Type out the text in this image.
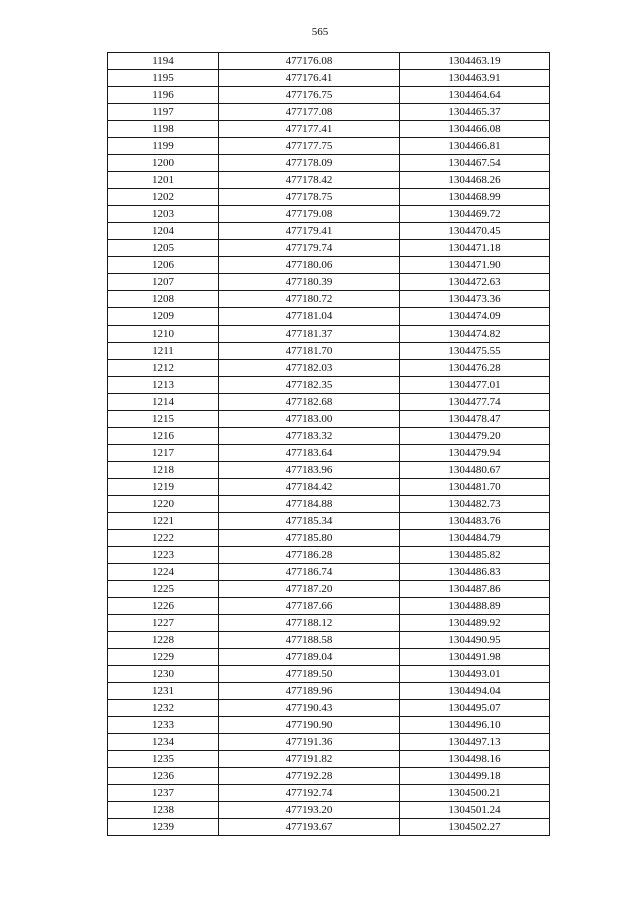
565
1194	477176.08	1304463.19
1195	477176.41	1304463.91
1196	477176.75	1304464.64
1197	477177.08	1304465.37
1198	477177.41	1304466.08
1199	477177.75	1304466.81
1200	477178.09	1304467.54
1201	477178.42	1304468.26
1202	477178.75	1304468.99
1203	477179.08	1304469.72
1204	477179.41	1304470.45
1205	477179.74	1304471.18
1206	477180.06	1304471.90
1207	477180.39	1304472.63
1208	477180.72	1304473.36
1209	477181.04	1304474.09
1210	477181.37	1304474.82
1211	477181.70	1304475.55
1212	477182.03	1304476.28
1213	477182.35	1304477.01
1214	477182.68	1304477.74
1215	477183.00	1304478.47
1216	477183.32	1304479.20
1217	477183.64	1304479.94
1218	477183.96	1304480.67
1219	477184.42	1304481.70
1220	477184.88	1304482.73
1221	477185.34	1304483.76
1222	477185.80	1304484.79
1223	477186.28	1304485.82
1224	477186.74	1304486.83
1225	477187.20	1304487.86
1226	477187.66	1304488.89
1227	477188.12	1304489.92
1228	477188.58	1304490.95
1229	477189.04	1304491.98
1230	477189.50	1304493.01
1231	477189.96	1304494.04
1232	477190.43	1304495.07
1233	477190.90	1304496.10
1234	477191.36	1304497.13
1235	477191.82	1304498.16
1236	477192.28	1304499.18
1237	477192.74	1304500.21
1238	477193.20	1304501.24
1239	477193.67	1304502.27
